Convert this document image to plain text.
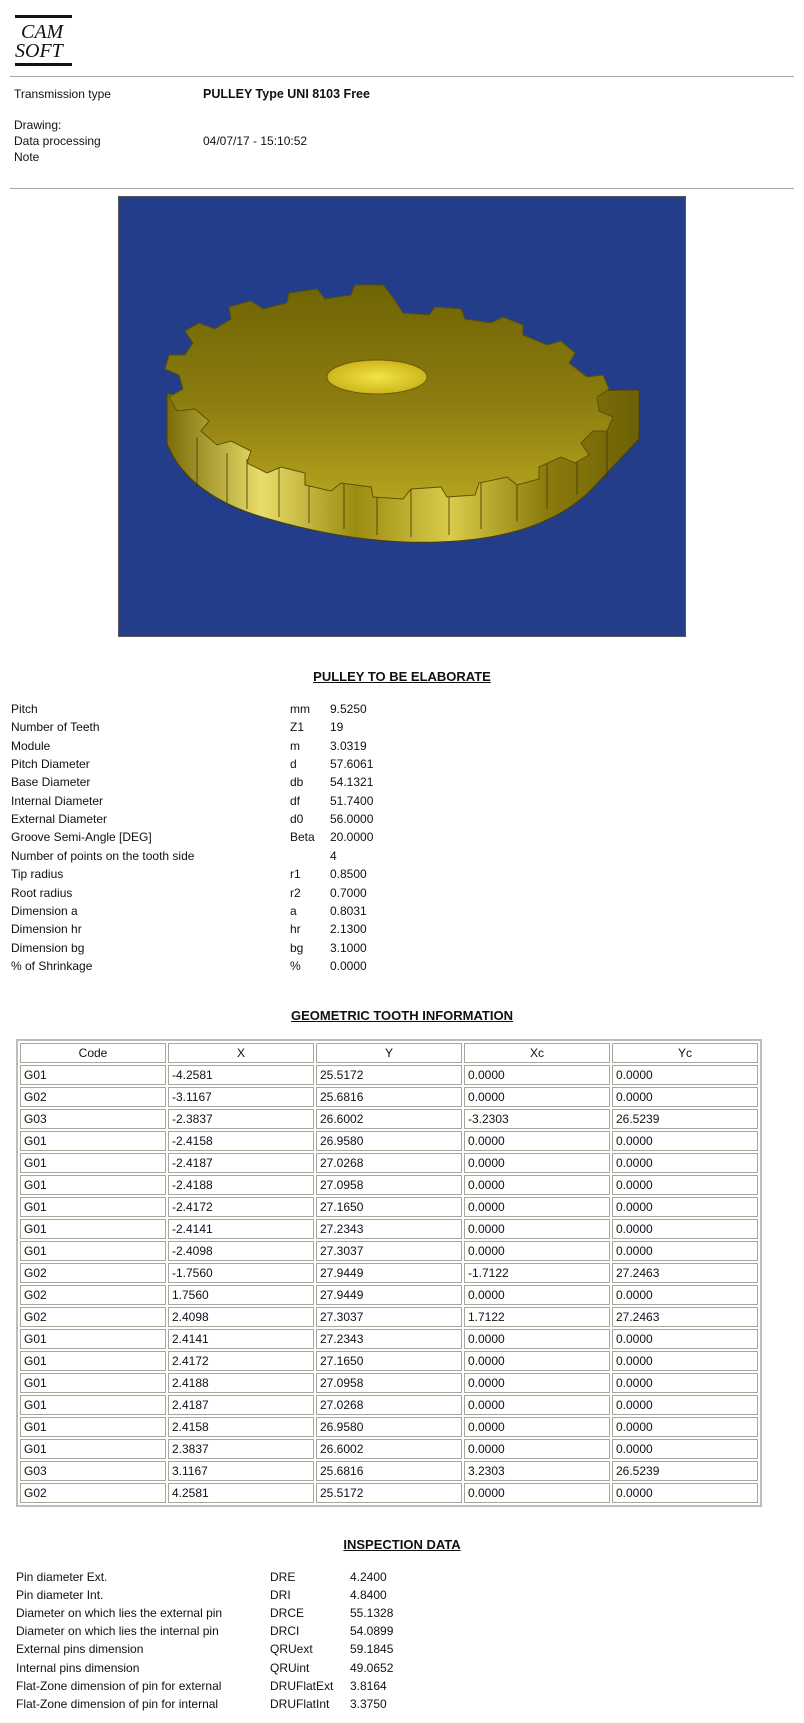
CAM
SOFT
Transmission type	PULLEY Type UNI 8103 Free
Drawing:
Data processing	04/07/17 - 15:10:52
Note
PULLEY TO BE ELABORATE
Pitch	mm 9.5250
Number of Teeth	Z1 19
Module	m	3.0319
Pitch Diameter	d	57.6061
Base Diameter	db 54.1321
Internal Diameter	df 51.7400
External Diameter	d0 56.0000
Groove Semi-Angle [DEG]	Beta 20.0000
Number of points on the tooth side	4
Tip radius	r1 0.8500
Root radius	r2 0.7000
Dimension a	a	0.8031
Dimension hr	hr 2.1300
Dimension bg	bg 3.1000
% of Shrinkage	% 0.0000
GEOMETRIC TOOTH INFORMATION
Code	X	Y	Xc	Yc
G01	-4.2581	25.5172	0.0000	0.0000
G02	-3.1167	25.6816	0.0000	0.0000
G03	-2.3837	26.6002	-3.2303	26.5239
G01	-2.4158	26.9580	0.0000	0.0000
G01	-2.4187	27.0268	0.0000	0.0000
G01	-2.4188	27.0958	0.0000	0.0000
G01	-2.4172	27.1650	0.0000	0.0000
G01	-2.4141	27.2343	0.0000	0.0000
G01	-2.4098	27.3037	0.0000	0.0000
G02	-1.7560	27.9449	-1.7122	27.2463
G02	1.7560	27.9449	0.0000	0.0000
G02	2.4098	27.3037	1.7122	27.2463
G01	2.4141	27.2343	0.0000	0.0000
G01	2.4172	27.1650	0.0000	0.0000
G01	2.4188	27.0958	0.0000	0.0000
G01	2.4187	27.0268	0.0000	0.0000
G01	2.4158	26.9580	0.0000	0.0000
G01	2.3837	26.6002	0.0000	0.0000
G03	3.1167	25.6816	3.2303	26.5239
G02	4.2581	25.5172	0.0000	0.0000
INSPECTION DATA
Pin diameter Ext.	DRE	4.2400
Pin diameter Int.	DRI	4.8400
Diameter on which lies the external pin	DRCE	55.1328
Diameter on which lies the internal pin	DRCI	54.0899
External pins dimension	QRUext	59.1845
Internal pins dimension	QRUint	49.0652
Flat-Zone dimension of pin for external	DRUFlatExt 3.8164
Flat-Zone dimension of pin for internal	DRUFlatInt 3.3750
